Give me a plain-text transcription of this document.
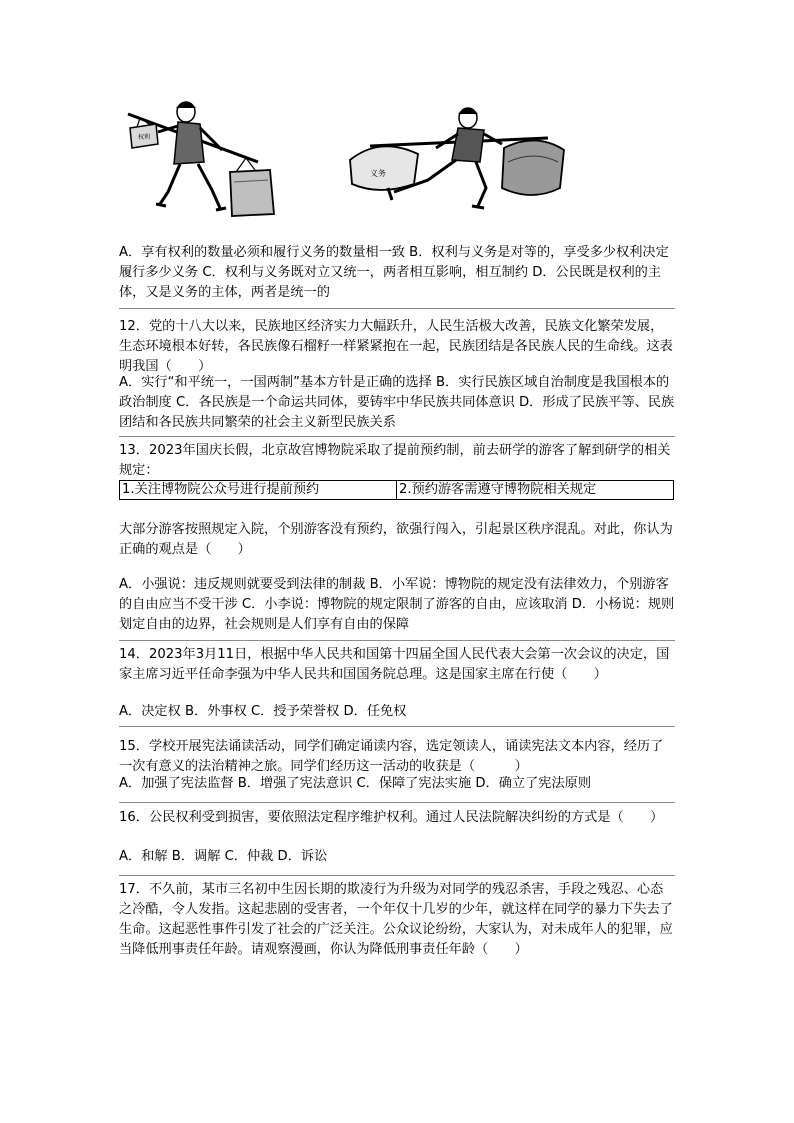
权利
义务
A．享有权利的数量必须和履行义务的数量相一致 B．权利与义务是对等的，享受多少权利决定履行多少义务 C．权利与义务既对立又统一，两者相互影响，相互制约 D．公民既是权利的主体，又是义务的主体，两者是统一的
12．党的十八大以来，民族地区经济实力大幅跃升，人民生活极大改善，民族文化繁荣发展，生态环境根本好转，各民族像石榴籽一样紧紧抱在一起，民族团结是各民族人民的生命线。这表明我国（　　）
A．实行“和平统一，一国两制”基本方针是正确的选择 B．实行民族区域自治制度是我国根本的政治制度 C．各民族是一个命运共同体，要铸牢中华民族共同体意识 D．形成了民族平等、民族团结和各民族共同繁荣的社会主义新型民族关系
13．2023年国庆长假，北京故宫博物院采取了提前预约制，前去研学的游客了解到研学的相关规定：
1.关注博物院公众号进行提前预约	2.预约游客需遵守博物院相关规定
大部分游客按照规定入院，个别游客没有预约，欲强行闯入，引起景区秩序混乱。对此，你认为正确的观点是（　　）
A．小强说：违反规则就要受到法律的制裁 B．小军说：博物院的规定没有法律效力，个别游客的自由应当不受干涉 C．小李说：博物院的规定限制了游客的自由，应该取消 D．小杨说：规则划定自由的边界，社会规则是人们享有自由的保障
14．2023年3月11日，根据中华人民共和国第十四届全国人民代表大会第一次会议的决定，国家主席习近平任命李强为中华人民共和国国务院总理。这是国家主席在行使（　　）
A．决定权 B．外事权 C．授予荣誉权 D．任免权
15．学校开展宪法诵读活动，同学们确定诵读内容，选定领读人，诵读宪法文本内容，经历了一次有意义的法治精神之旅。同学们经历这一活动的收获是（　　　）
A．加强了宪法监督 B．增强了宪法意识 C．保障了宪法实施 D．确立了宪法原则
16．公民权利受到损害，要依照法定程序维护权利。通过人民法院解决纠纷的方式是（　　）
A．和解 B．调解 C．仲裁 D．诉讼
17．不久前，某市三名初中生因长期的欺凌行为升级为对同学的残忍杀害，手段之残忍、心态之冷酷，令人发指。这起悲剧的受害者，一个年仅十几岁的少年，就这样在同学的暴力下失去了生命。这起恶性事件引发了社会的广泛关注。公众议论纷纷，大家认为，对未成年人的犯罪，应当降低刑事责任年龄。请观察漫画，你认为降低刑事责任年龄（　　）
